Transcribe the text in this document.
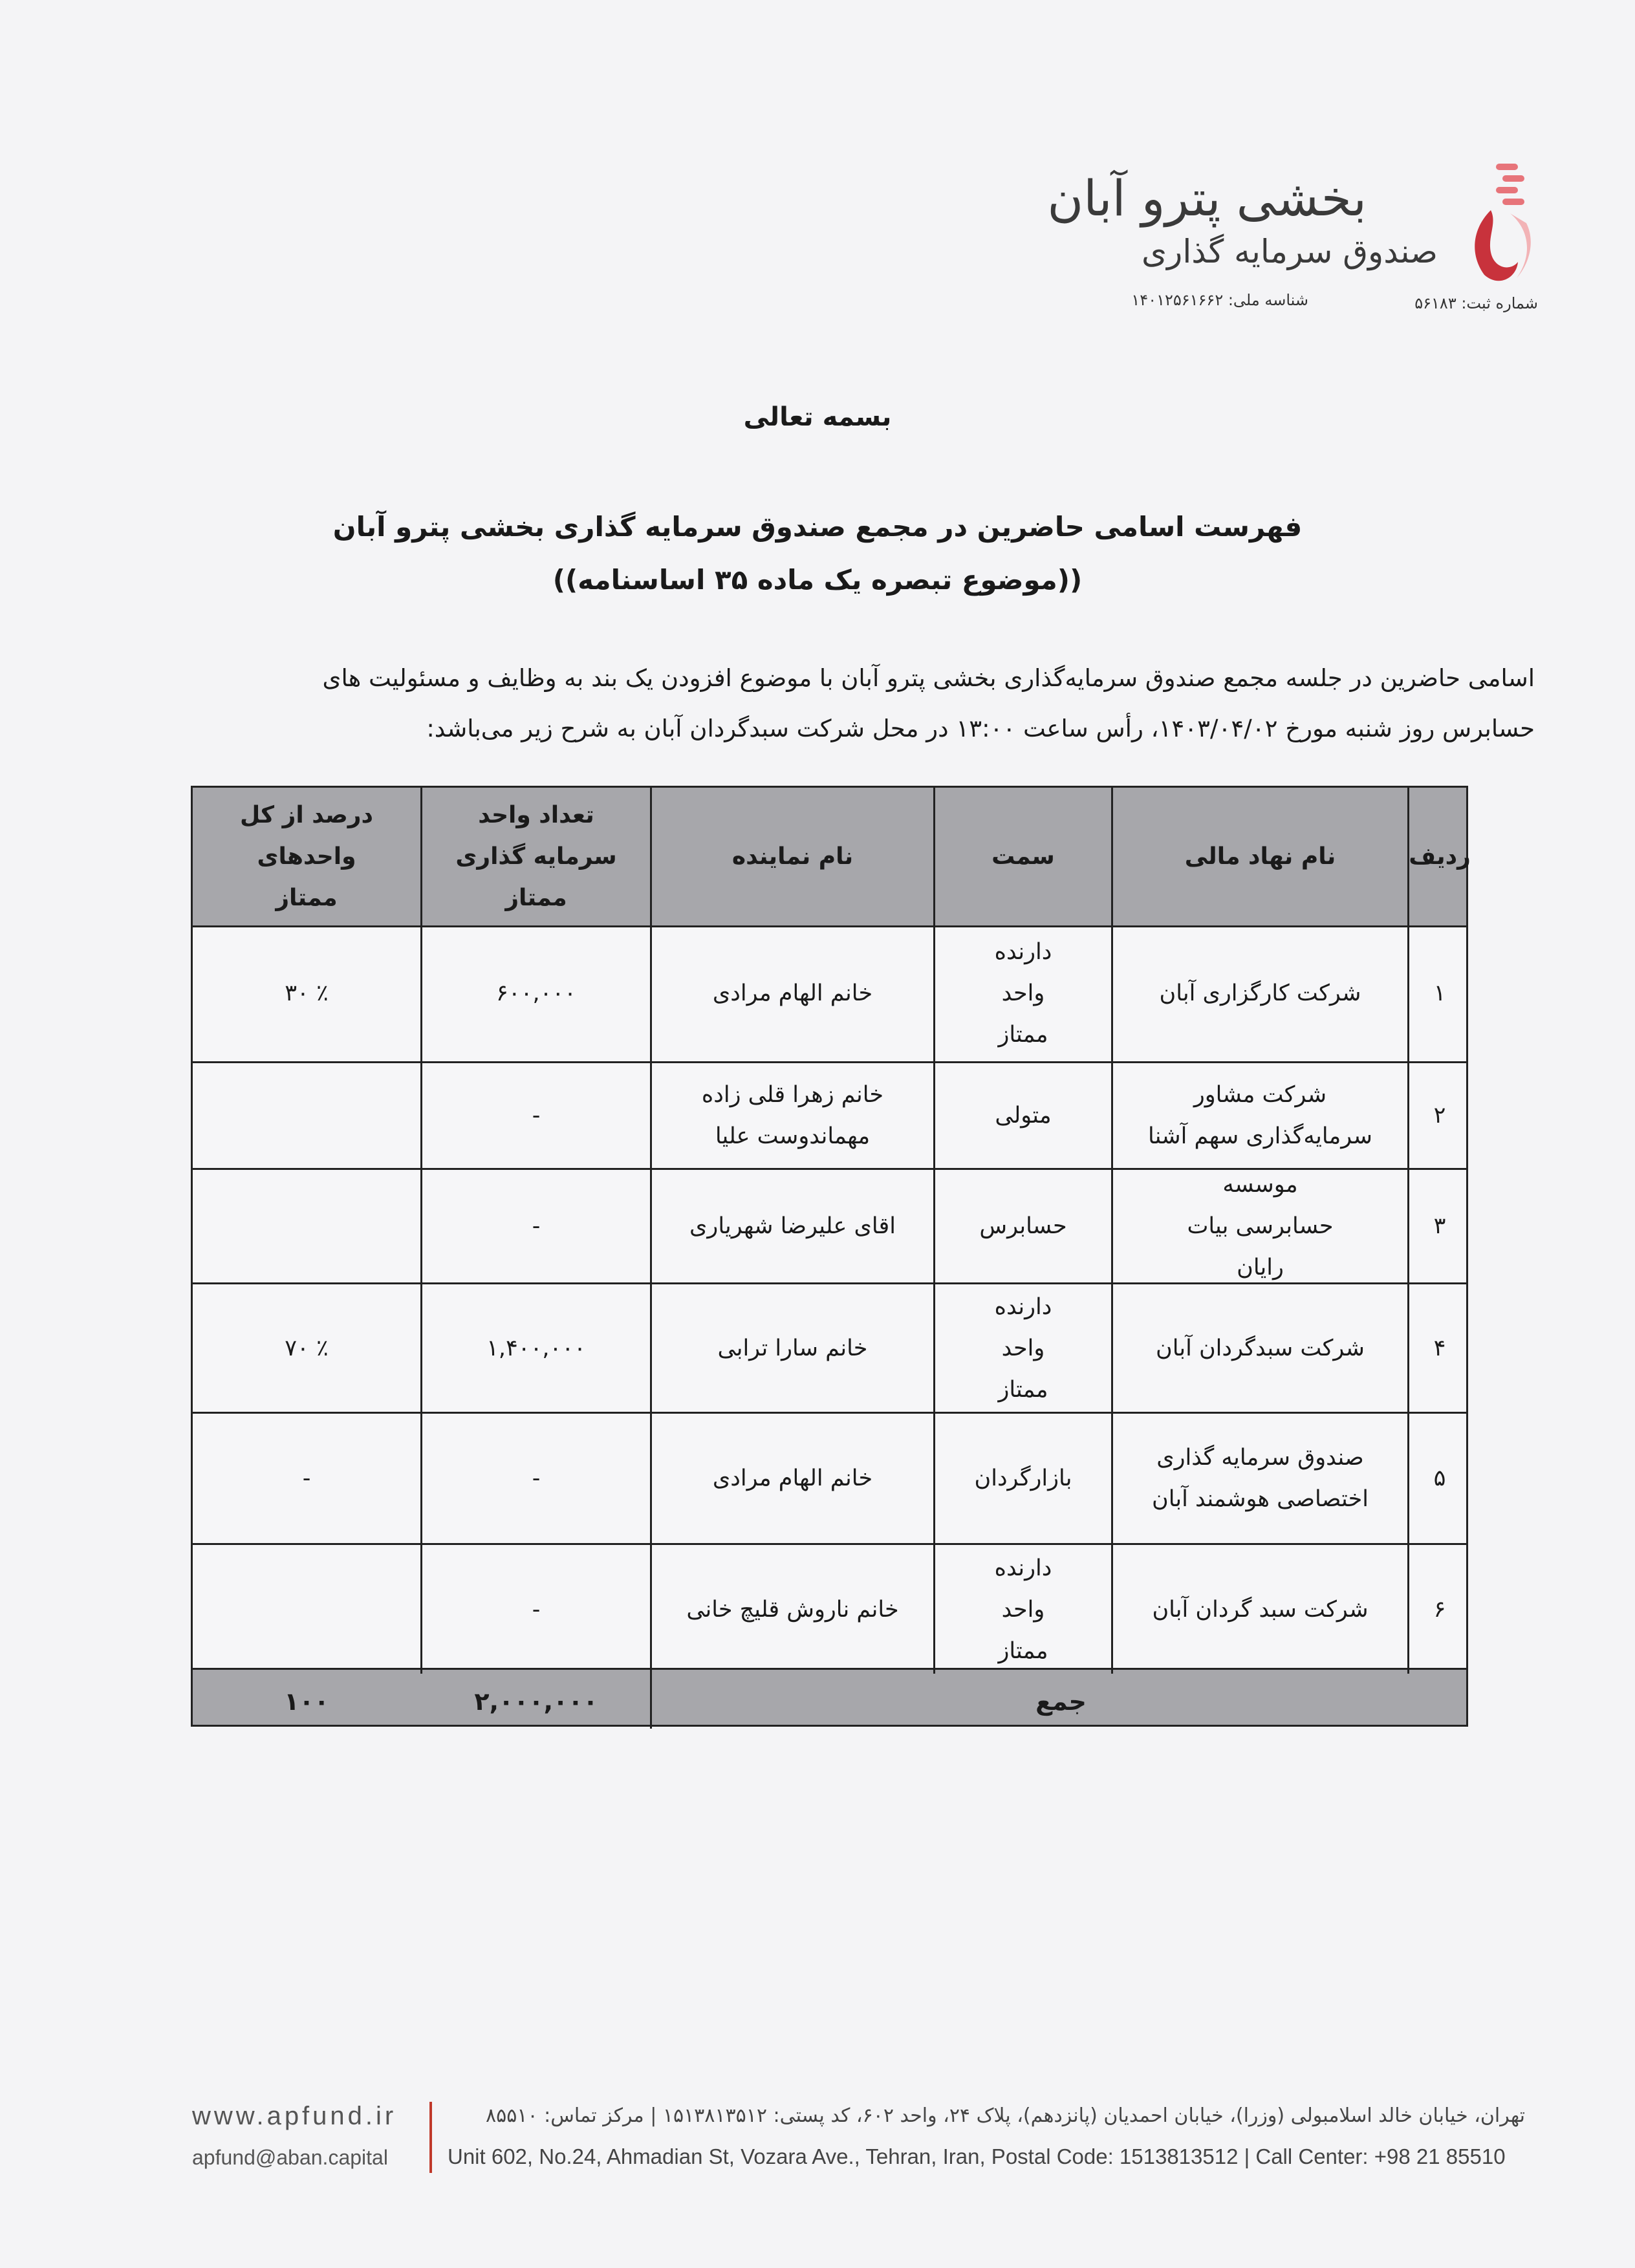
بخشی پترو آبان
صندوق سرمایه گذاری
شماره ثبت: ۵۶۱۸۳
شناسه ملی: ۱۴۰۱۲۵۶۱۶۶۲
بسمه تعالی
فهرست اسامی حاضرین در مجمع صندوق سرمایه گذاری بخشی پترو آبان
((موضوع تبصره یک ماده ۳۵ اساسنامه))
اسامی حاضرین در جلسه مجمع صندوق سرمایه‌گذاری بخشی پترو آبان با موضوع افزودن یک بند به وظایف و مسئولیت های
حسابرس روز شنبه مورخ ۱۴۰۳/۰۴/۰۲، رأس ساعت ۱۳:۰۰ در محل شرکت سبدگردان آبان به شرح زیر می‌باشد:
ردیف
نام نهاد مالی
سمت
نام نماینده
تعداد واحد سرمایه گذاری ممتاز
درصد از کل واحدهای ممتاز
۱
شرکت کارگزاری آبان
دارنده واحد ممتاز
خانم الهام مرادی
۶۰۰,۰۰۰
٪ ۳۰
۲
شرکت مشاور سرمایه‌گذاری سهم آشنا
متولی
خانم زهرا قلی زاده مهماندوست علیا
-
۳
موسسه حسابرسی بیات رایان
حسابرس
اقای علیرضا شهریاری
-
۴
شرکت سبدگردان آبان
دارنده واحد ممتاز
خانم سارا ترابی
۱,۴۰۰,۰۰۰
٪ ۷۰
۵
صندوق سرمایه گذاری اختصاصی هوشمند آبان
بازارگردان
خانم الهام مرادی
-
-
۶
شرکت سبد گردان آبان
دارنده واحد ممتاز
خانم ناروش قلیچ خانی
-
جمع
۲,۰۰۰,۰۰۰
۱۰۰
www.apfund.ir
apfund@aban.capital
تهران، خیابان خالد اسلامبولی (وزرا)، خیابان احمدیان (پانزدهم)، پلاک ۲۴، واحد ۶۰۲، کد پستی: ۱۵۱۳۸۱۳۵۱۲ | مرکز تماس: ۸۵۵۱۰
Unit 602, No.24, Ahmadian St, Vozara Ave., Tehran, Iran, Postal Code: 1513813512 | Call Center: +98 21 85510
